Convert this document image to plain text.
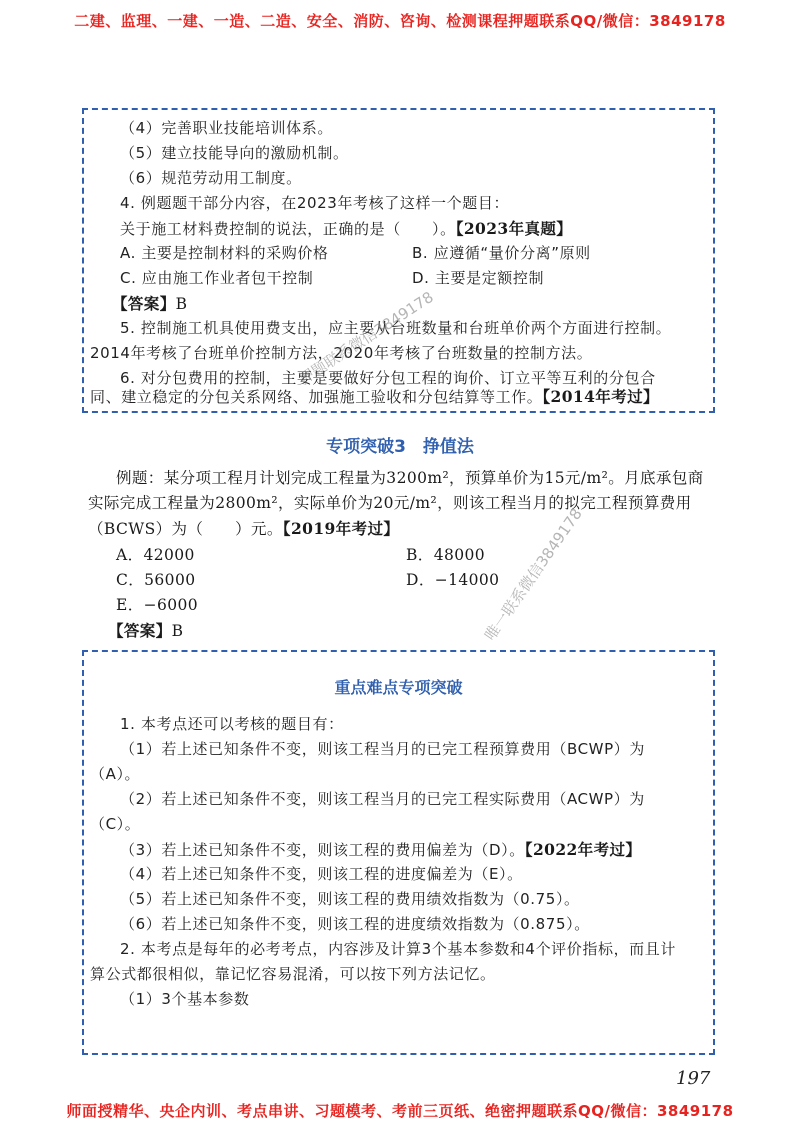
二建、监理、一建、一造、二造、安全、消防、咨询、检测课程押题联系QQ/微信：3849178
（4）完善职业技能培训体系。
（5）建立技能导向的激励机制。
（6）规范劳动用工制度。
4. 例题题干部分内容，在2023年考核了这样一个题目：
关于施工材料费控制的说法，正确的是（　　）。【2023年真题】
A. 主要是控制材料的采购价格	B. 应遵循“量价分离”原则
C. 应由施工作业者包干控制	D. 主要是定额控制
【答案】B
5. 控制施工机具使用费支出，应主要从台班数量和台班单价两个方面进行控制。
2014年考核了台班单价控制方法，2020年考核了台班数量的控制方法。
6. 对分包费用的控制，主要是要做好分包工程的询价、订立平等互利的分包合
同、建立稳定的分包关系网络、加强施工验收和分包结算等工作。【2014年考过】
专项突破3　挣值法
例题：某分项工程月计划完成工程量为3200m²，预算单价为15元/m²。月底承包商
实际完成工程量为2800m²，实际单价为20元/m²，则该工程当月的拟完工程预算费用
（BCWS）为（　　）元。【2019年考过】
A．42000	B．48000
C．56000	D．−14000
E．−6000
【答案】B
重点难点专项突破
1. 本考点还可以考核的题目有：
（1）若上述已知条件不变，则该工程当月的已完工程预算费用（BCWP）为
（A）。
（2）若上述已知条件不变，则该工程当月的已完工程实际费用（ACWP）为
（C）。
（3）若上述已知条件不变，则该工程的费用偏差为（D）。【2022年考过】
（4）若上述已知条件不变，则该工程的进度偏差为（E）。
（5）若上述已知条件不变，则该工程的费用绩效指数为（0.75）。
（6）若上述已知条件不变，则该工程的进度绩效指数为（0.875）。
2. 本考点是每年的必考考点，内容涉及计算3个基本参数和4个评价指标，而且计
算公式都很相似，靠记忆容易混淆，可以按下列方法记忆。
（1）3个基本参数
押题联系微信3849178
唯一联系微信3849178
197
师面授精华、央企内训、考点串讲、习题模考、考前三页纸、绝密押题联系QQ/微信：3849178
